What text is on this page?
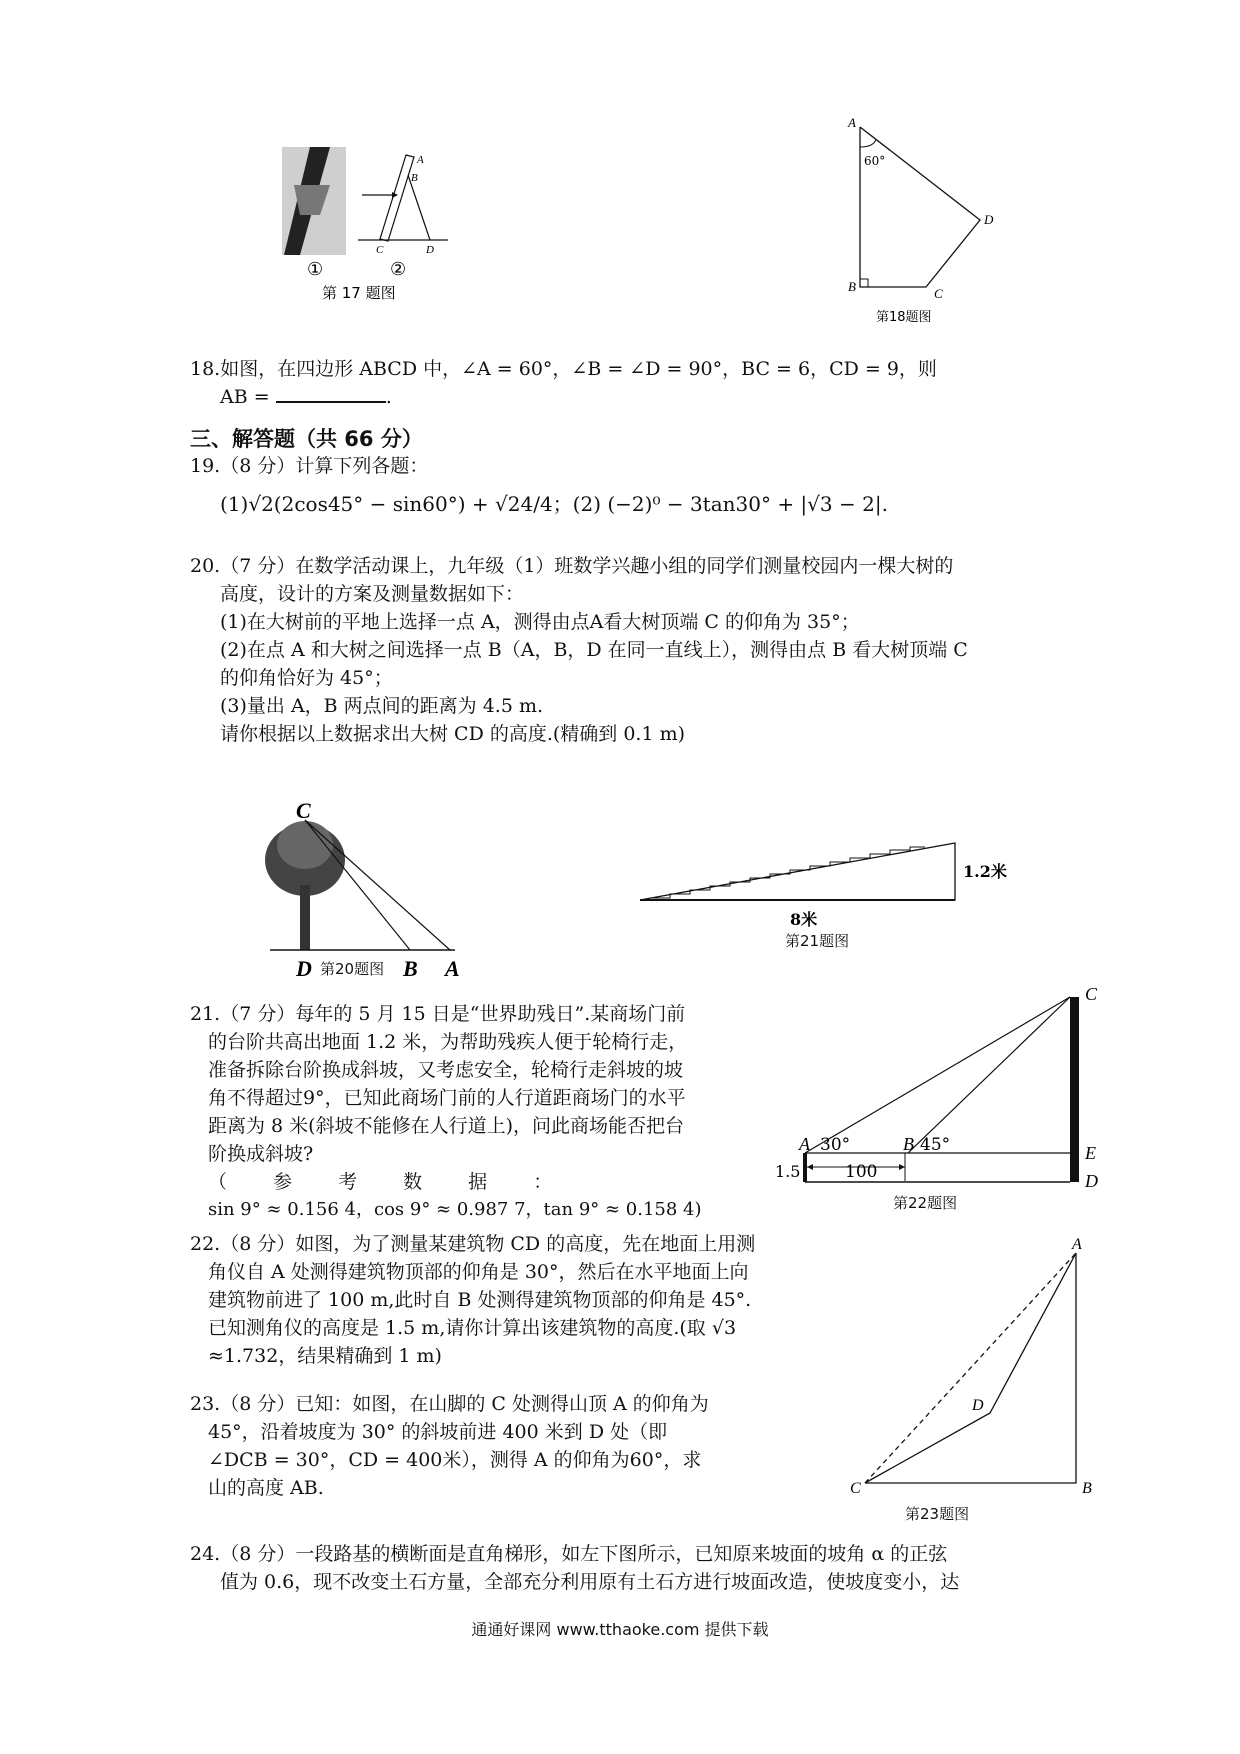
A
B
C	D
①	②
第 17 题图
A
60°
D
B	C
第18题图
18.如图，在四边形 ABCD 中，∠A = 60°，∠B = ∠D = 90°，BC = 6，CD = 9，则
AB =	.
三、解答题（共 66 分）
19.（8 分）计算下列各题：
(1)√2(2cos45° − sin60°) + √24/4；(2) (−2)⁰ − 3tan30° + |√3 − 2|.
20.（7 分）在数学活动课上，九年级（1）班数学兴趣小组的同学们测量校园内一棵大树的
高度，设计的方案及测量数据如下：
(1)在大树前的平地上选择一点 A，测得由点A看大树顶端 C 的仰角为 35°；
(2)在点 A 和大树之间选择一点 B（A，B，D 在同一直线上），测得由点 B 看大树顶端 C
的仰角恰好为 45°；
(3)量出 A，B 两点间的距离为 4.5 m.
请你根据以上数据求出大树 CD 的高度.(精确到 0.1 m)
C
D	B A
第20题图
1.2米
8米
第21题图
21.（7 分）每年的 5 月 15 日是“世界助残日”.某商场门前
的台阶共高出地面 1.2 米，为帮助残疾人便于轮椅行走，
准备拆除台阶换成斜坡，又考虑安全，轮椅行走斜坡的坡
角不得超过9°，已知此商场门前的人行道距商场门的水平
距离为 8 米(斜坡不能修在人行道上)，问此商场能否把台
阶换成斜坡?
（ 参 考 数 据 ：
sin 9° ≈ 0.156 4，cos 9° ≈ 0.987 7，tan 9° ≈ 0.158 4)
C
E
D
A	B
30°	45°
100
1.5
第22题图
22.（8 分）如图，为了测量某建筑物 CD 的高度，先在地面上用测
角仪自 A 处测得建筑物顶部的仰角是 30°，然后在水平地面上向
建筑物前进了 100 m,此时自 B 处测得建筑物顶部的仰角是 45°.
已知测角仪的高度是 1.5 m,请你计算出该建筑物的高度.(取 √3
≈1.732，结果精确到 1 m)
23.（8 分）已知：如图，在山脚的 C 处测得山顶 A 的仰角为
45°，沿着坡度为 30° 的斜坡前进 400 米到 D 处（即
∠DCB = 30°，CD = 400米），测得 A 的仰角为60°，求
山的高度 AB.
A
D
C	B
第23题图
24.（8 分）一段路基的横断面是直角梯形，如左下图所示，已知原来坡面的坡角 α 的正弦
值为 0.6，现不改变土石方量，全部充分利用原有土石方进行坡面改造，使坡度变小，达
通通好课网 www.tthaoke.com 提供下载
